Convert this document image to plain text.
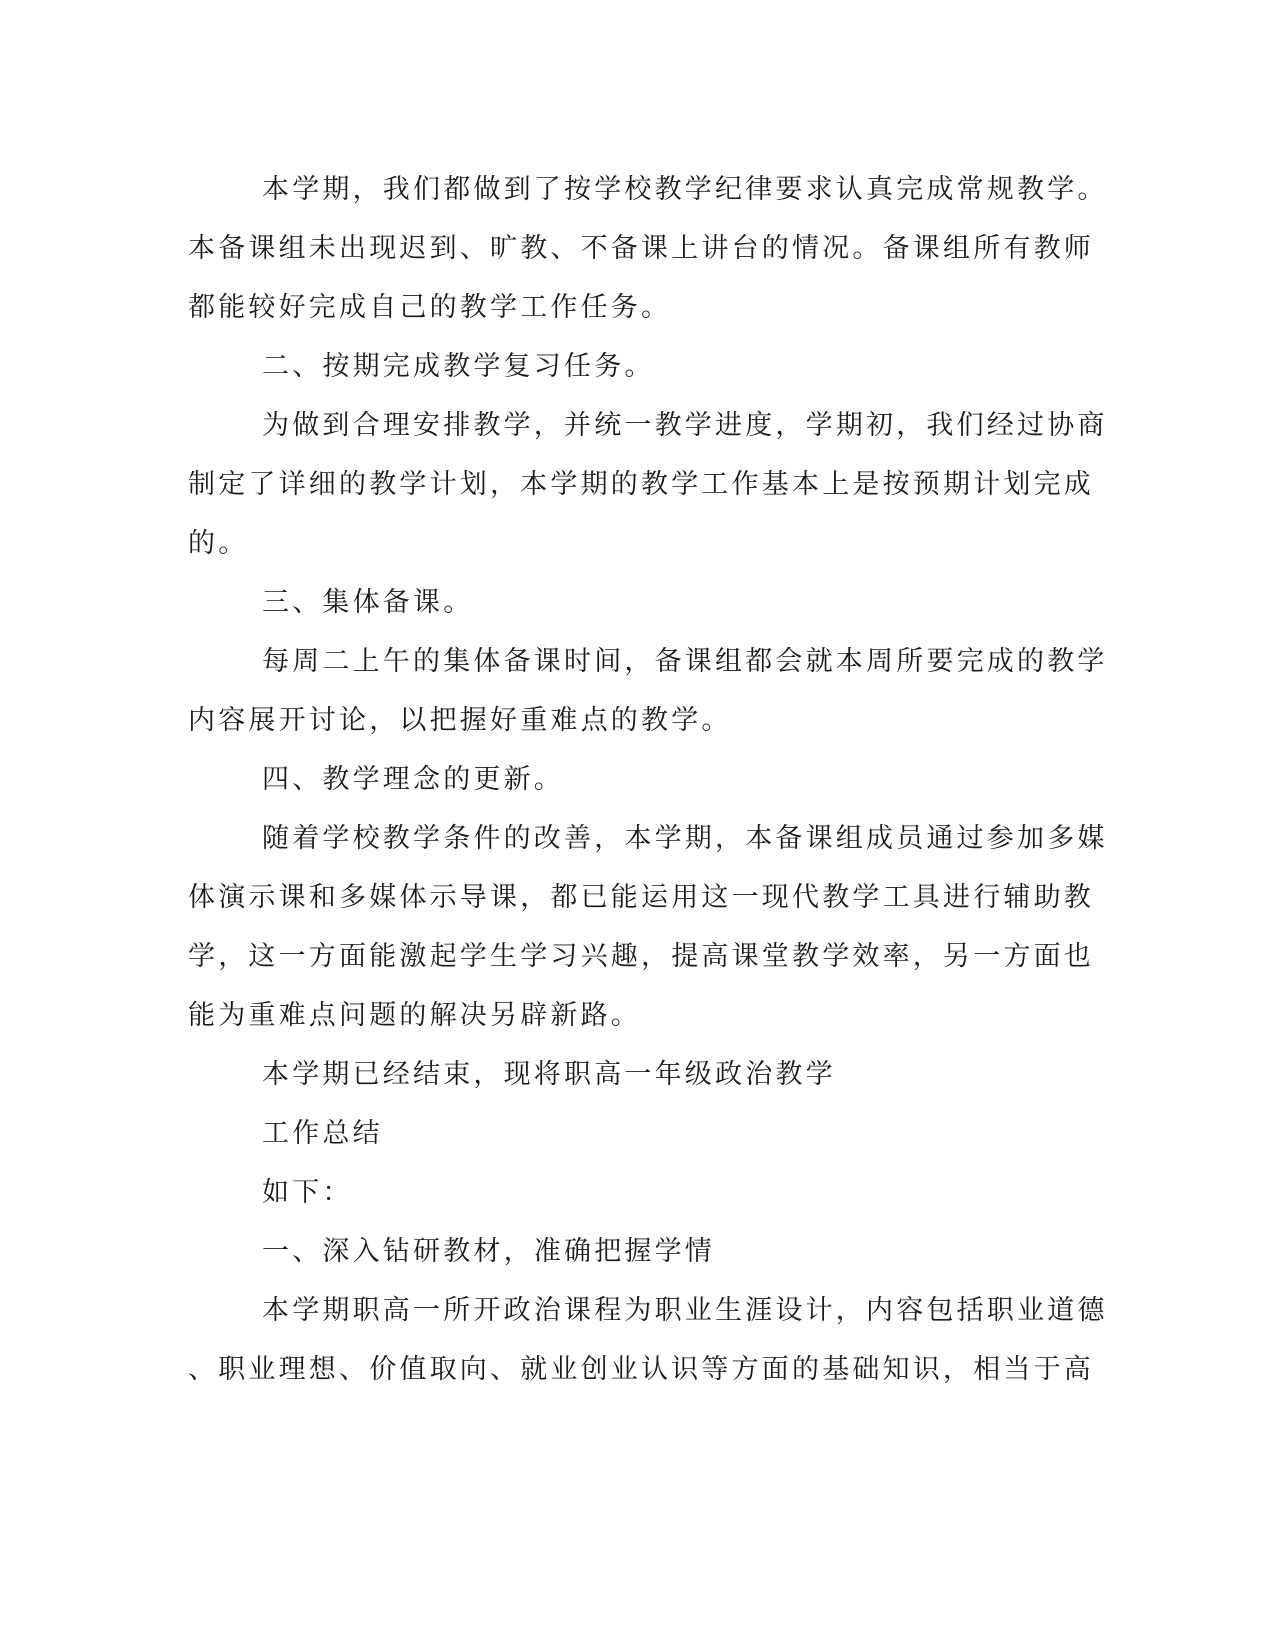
本学期，我们都做到了按学校教学纪律要求认真完成常规教学。
本备课组未出现迟到、旷教、不备课上讲台的情况。备课组所有教师
都能较好完成自己的教学工作任务。
二、按期完成教学复习任务。
为做到合理安排教学，并统一教学进度，学期初，我们经过协商
制定了详细的教学计划，本学期的教学工作基本上是按预期计划完成
的。
三、集体备课。
每周二上午的集体备课时间，备课组都会就本周所要完成的教学
内容展开讨论，以把握好重难点的教学。
四、教学理念的更新。
随着学校教学条件的改善，本学期，本备课组成员通过参加多媒
体演示课和多媒体示导课，都已能运用这一现代教学工具进行辅助教
学，这一方面能激起学生学习兴趣，提高课堂教学效率，另一方面也
能为重难点问题的解决另辟新路。
本学期已经结束，现将职高一年级政治教学
工作总结
如下：
一、深入钻研教材，准确把握学情
本学期职高一所开政治课程为职业生涯设计，内容包括职业道德
、职业理想、价值取向、就业创业认识等方面的基础知识，相当于高
